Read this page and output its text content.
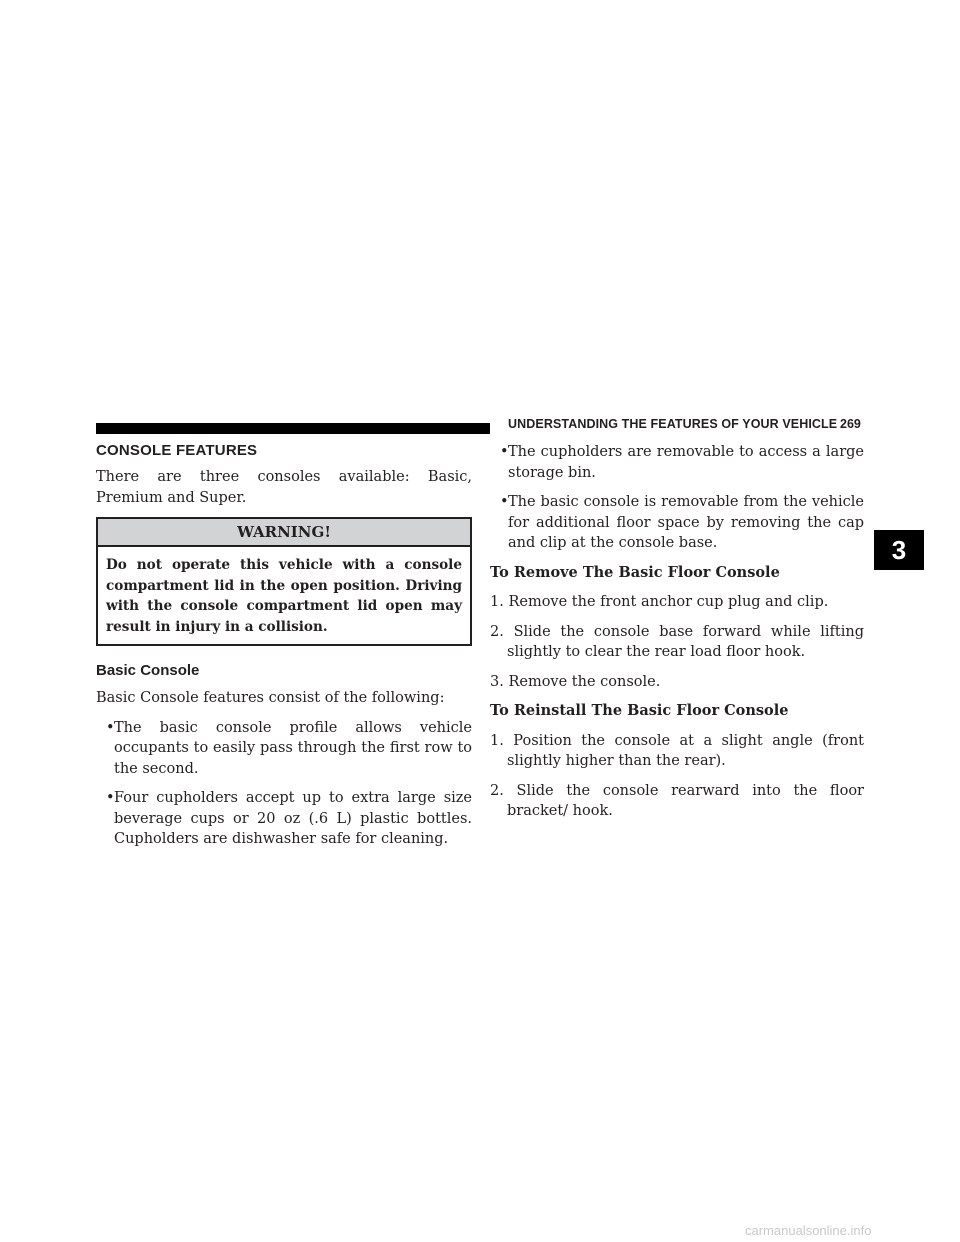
UNDERSTANDING THE FEATURES OF YOUR VEHICLE 269
CONSOLE FEATURES

There are three consoles available: Basic, Premium and Super.

WARNING!
Do not operate this vehicle with a console compartment lid in the open position. Driving with the console compartment lid open may result in injury in a collision.
Basic Console

Basic Console features consist of the following:

•The basic console profile allows vehicle occupants to easily pass through the first row to the second.
•Four cupholders accept up to extra large size beverage cups or 20 oz (.6 L) plastic bottles. Cupholders are dishwasher safe for cleaning.
•The cupholders are removable to access a large storage bin.
•The basic console is removable from the vehicle for additional floor space by removing the cap and clip at the console base.
To Remove The Basic Floor Console
1. Remove the front anchor cup plug and clip.
2. Slide the console base forward while lifting slightly to clear the rear load floor hook.
3. Remove the console.
To Reinstall The Basic Floor Console
1. Position the console at a slight angle (front slightly higher than the rear).
2. Slide the console rearward into the floor bracket/ hook.
3
carmanualsonline.info
